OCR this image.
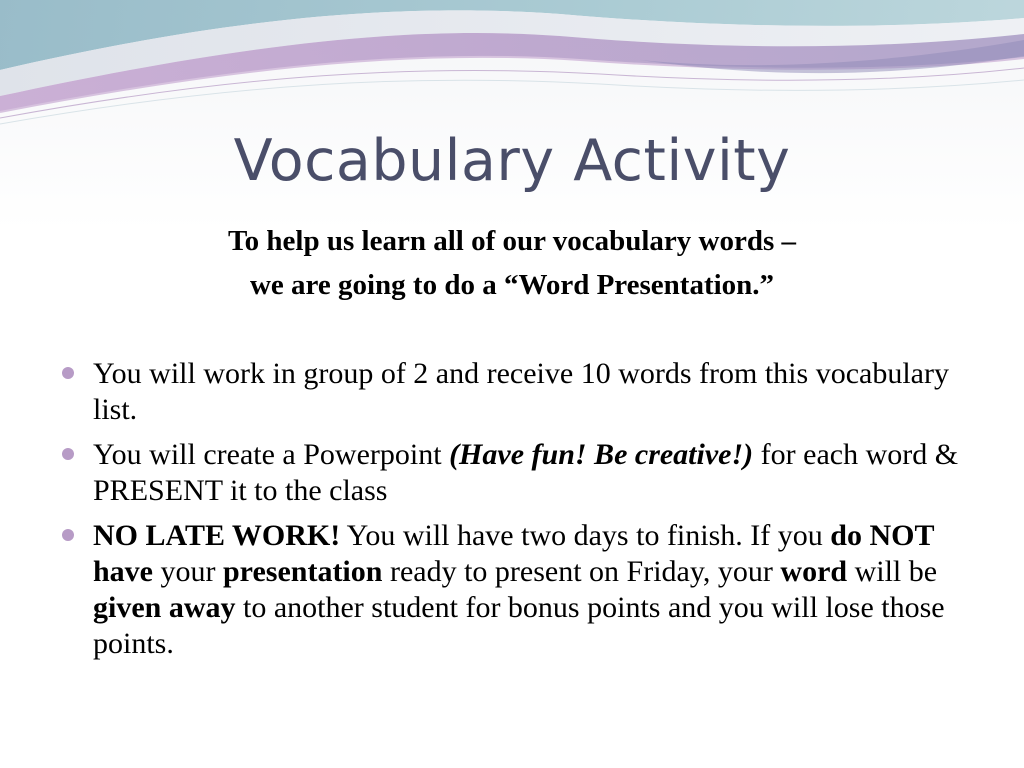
Vocabulary Activity
To help us learn all of our vocabulary words –
we are going to do a “Word Presentation.”
You will work in group of 2 and receive 10 words from this vocabulary list.
You will create a Powerpoint (Have fun! Be creative!) for each word & PRESENT it to the class
NO LATE WORK! You will have two days to finish. If you do NOT have your presentation ready to present on Friday, your word will be given away to another student for bonus points and you will lose those points.
